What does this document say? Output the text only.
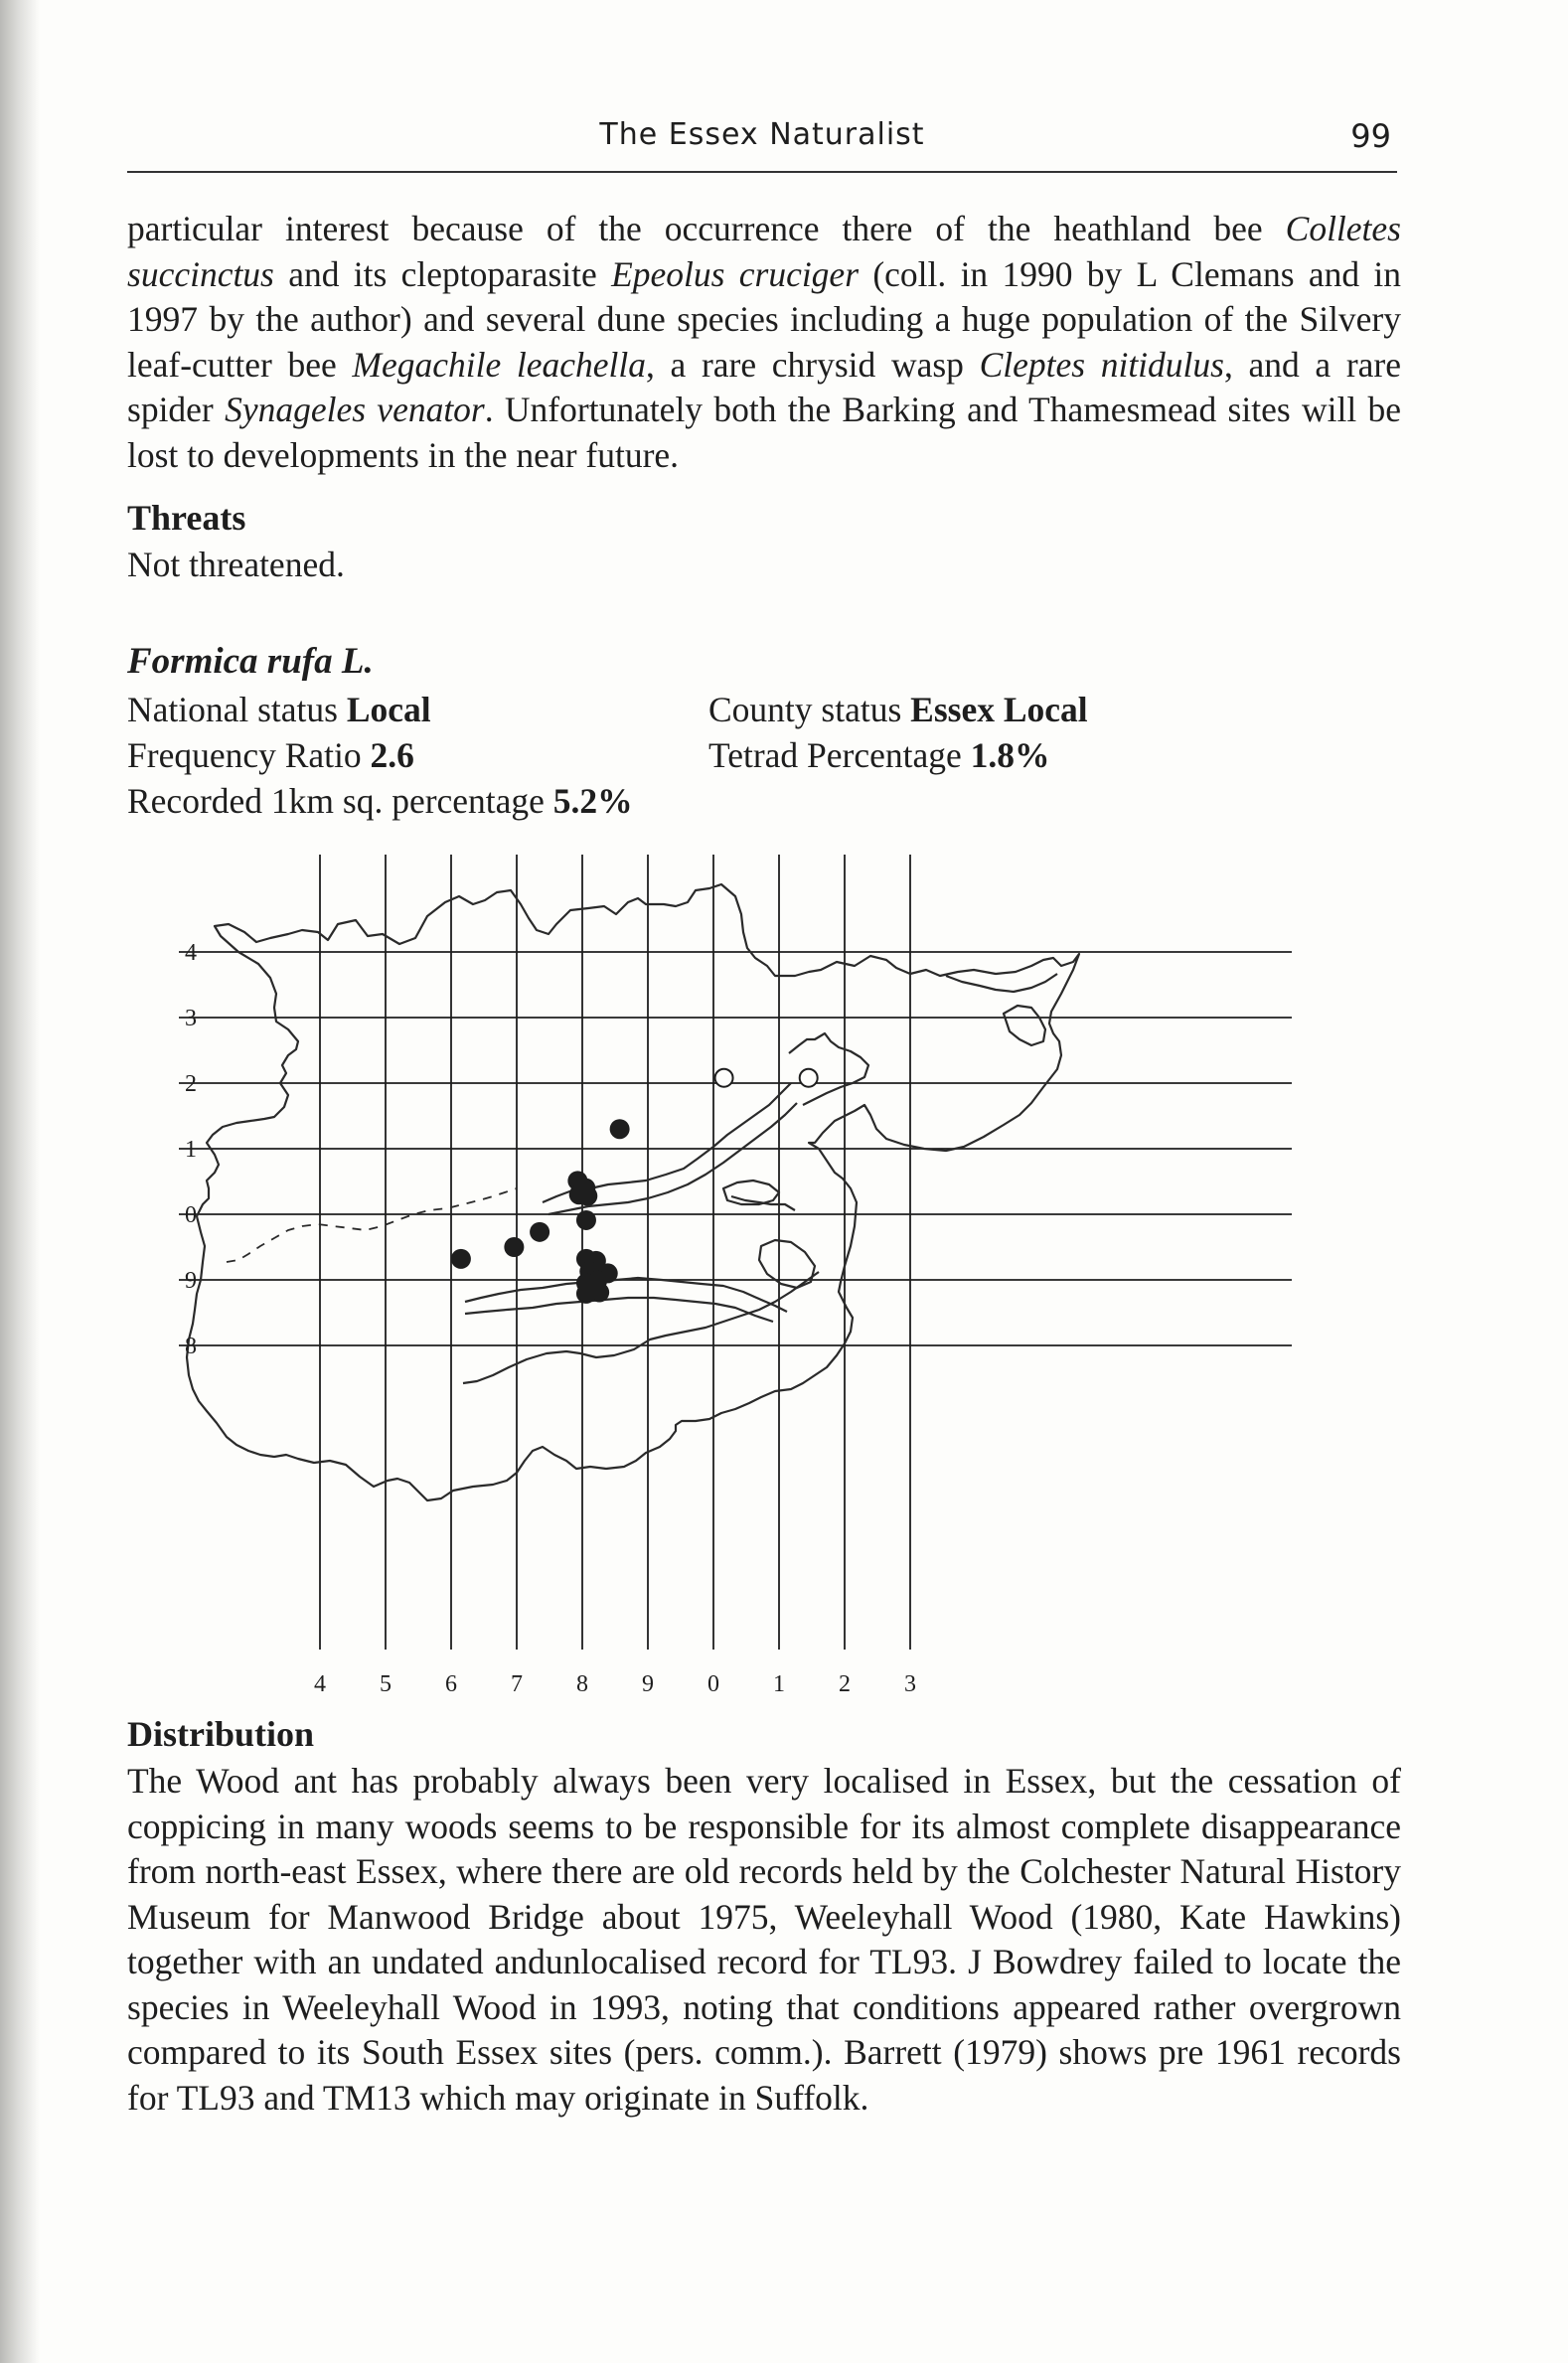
The Essex Naturalist	99

particular interest because of the occurrence there of the heathland bee Colletes succinctus and its cleptoparasite Epeolus cruciger (coll. in 1990 by L Clemans and in 1997 by the author) and several dune species including a huge population of the Silvery leaf-cutter bee Megachile leachella, a rare chrysid wasp Cleptes nitidulus, and a rare spider Synageles venator. Unfortunately both the Barking and Thamesmead sites will be lost to developments in the near future.

Threats

Not threatened.

Formica rufa L.

National status Local	County status Essex Local

Frequency Ratio 2.6	Tetrad Percentage 1.8%

Recorded 1km sq. percentage 5.2%

4 5 6 7 8 9 0 1 2 3
4
3
2
1
0
9
8
Distribution

The Wood ant has probably always been very localised in Essex, but the cessation of coppicing in many woods seems to be responsible for its almost complete disappearance from north-east Essex, where there are old records held by the Colchester Natural History Museum for Manwood Bridge about 1975, Weeleyhall Wood (1980, Kate Hawkins) together with an undated andunlocalised record for TL93. J Bowdrey failed to locate the species in Weeleyhall Wood in 1993, noting that conditions appeared rather overgrown compared to its South Essex sites (pers. comm.). Barrett (1979) shows pre 1961 records for TL93 and TM13 which may originate in Suffolk.
